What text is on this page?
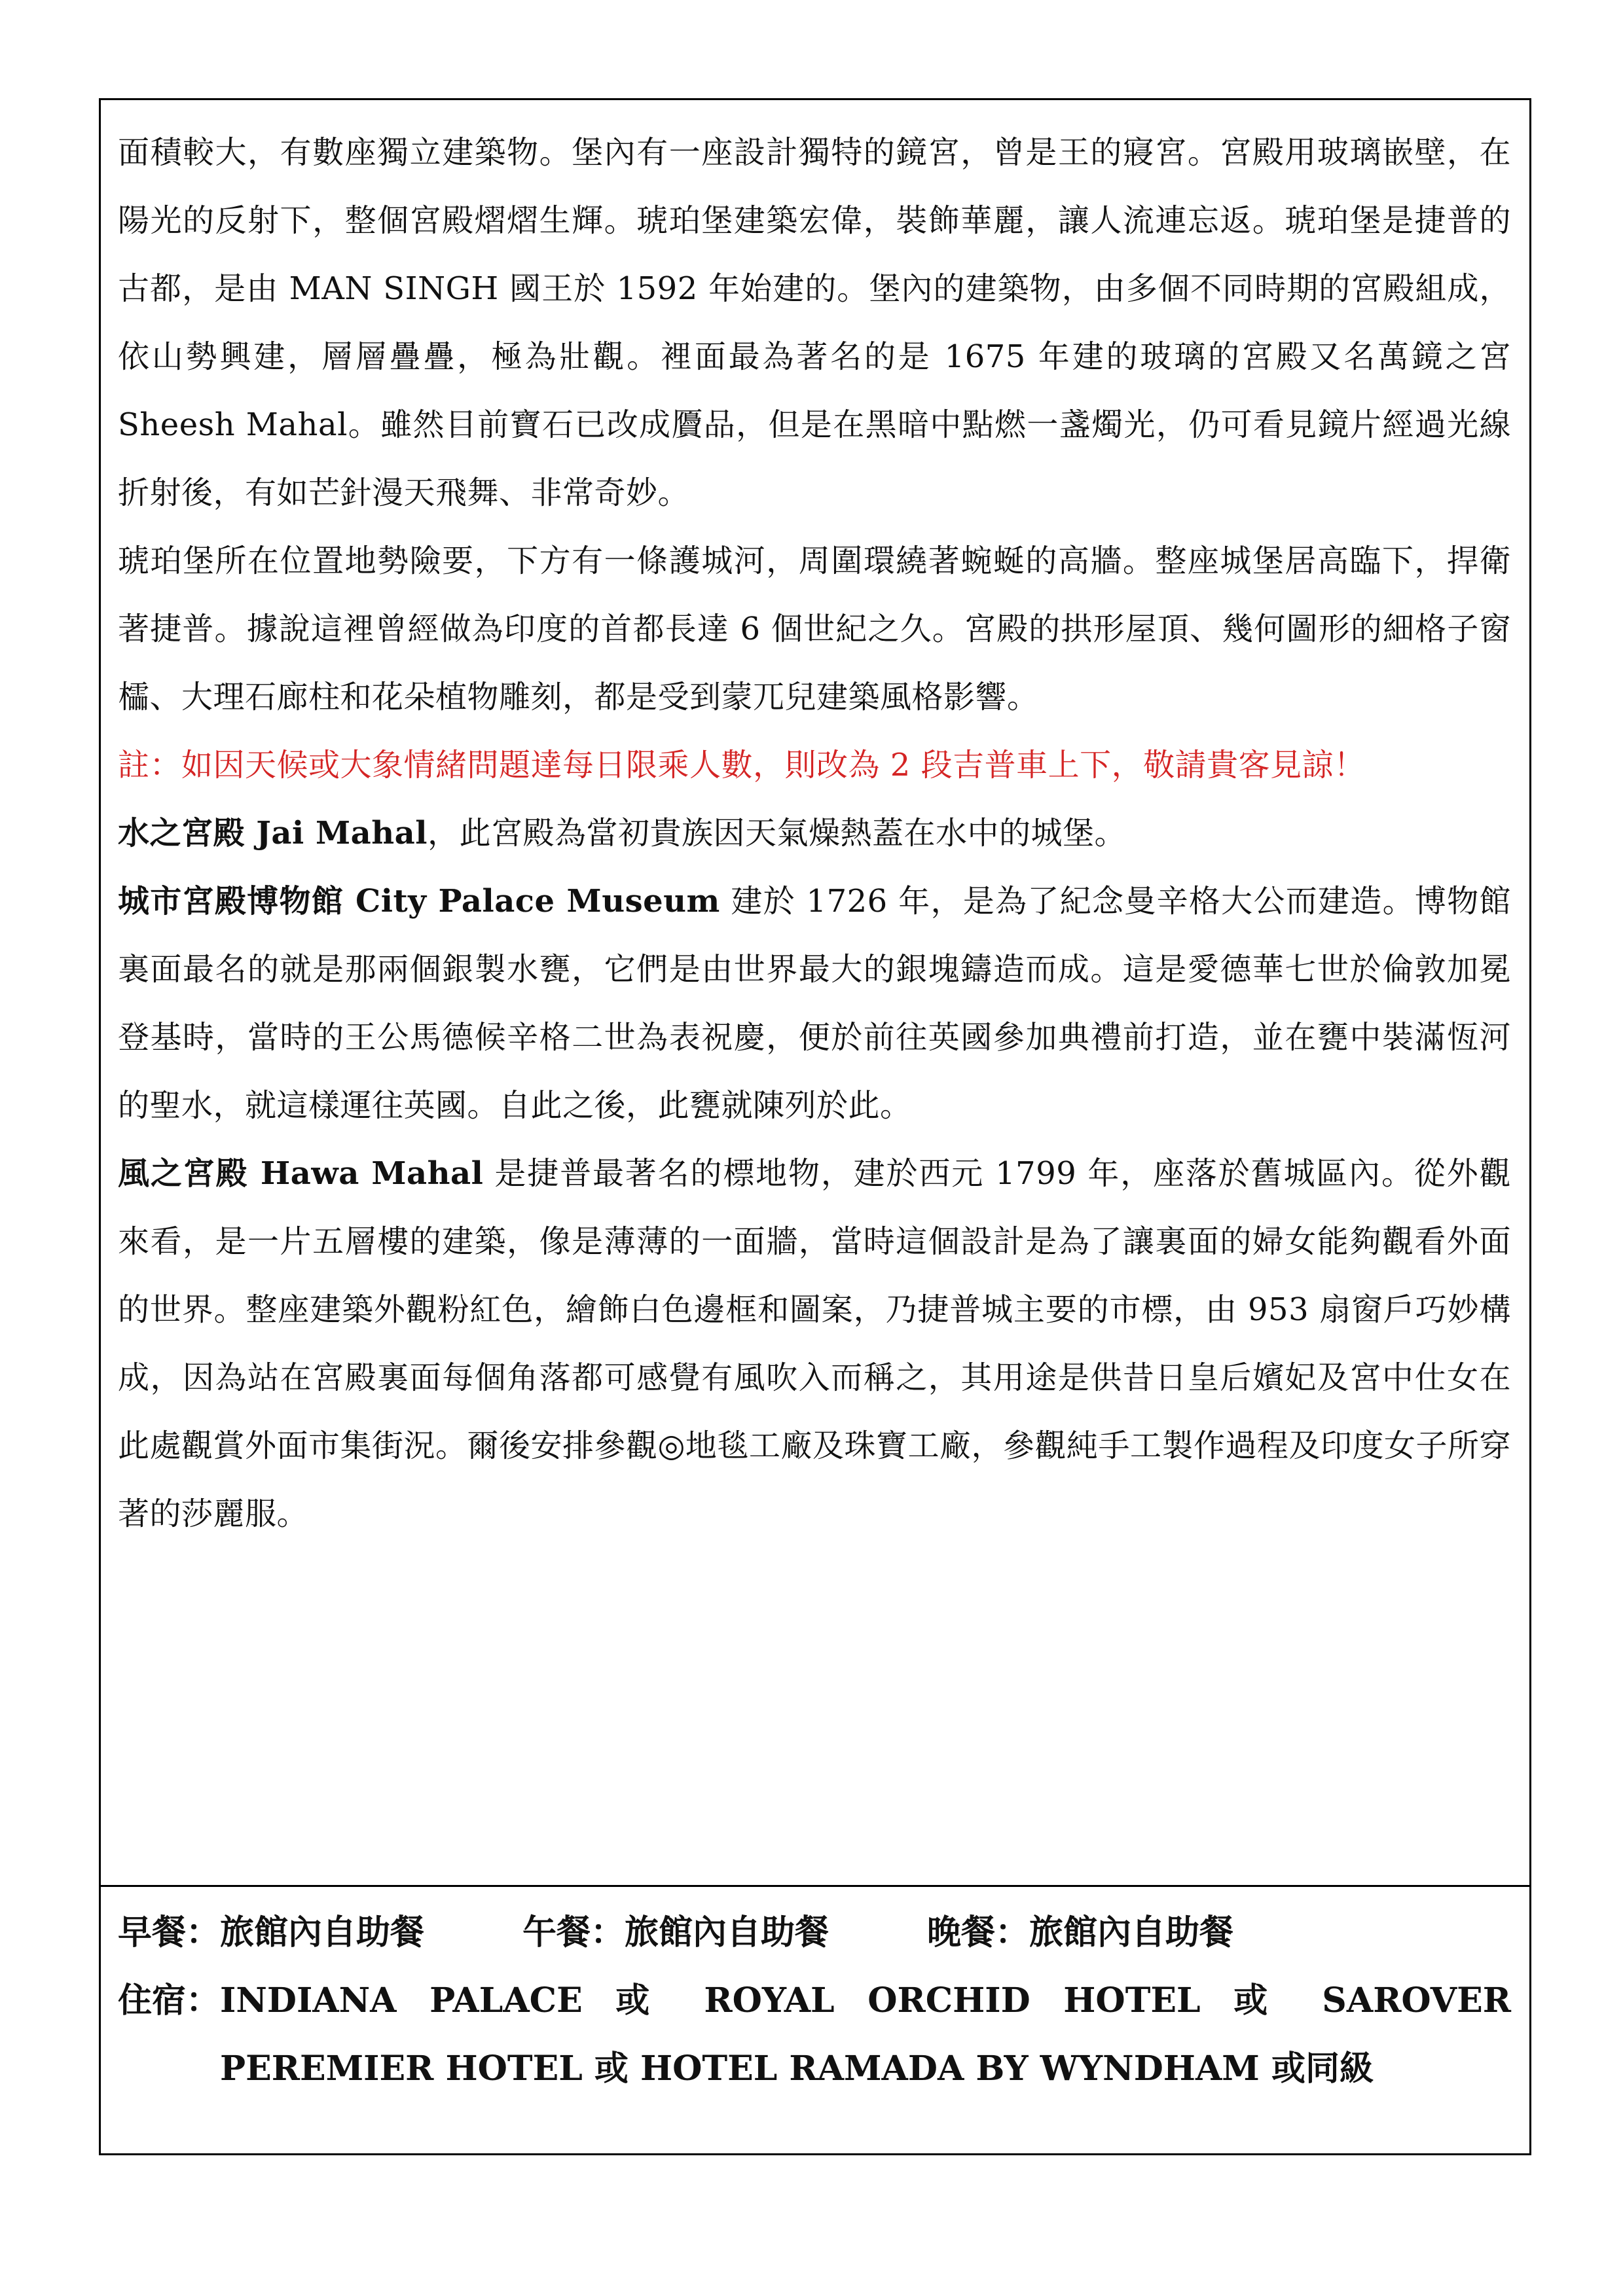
面積較大，有數座獨立建築物。堡內有一座設計獨特的鏡宮，曾是王的寢宮。宮殿用玻璃嵌壁，在陽光的反射下，整個宮殿熠熠生輝。琥珀堡建築宏偉，裝飾華麗，讓人流連忘返。琥珀堡是捷普的古都，是由 MAN SINGH 國王於 1592 年始建的。堡內的建築物，由多個不同時期的宮殿組成，依山勢興建，層層疊疊，極為壯觀。裡面最為著名的是 1675 年建的玻璃的宮殿又名萬鏡之宮 Sheesh Mahal。雖然目前寶石已改成贗品，但是在黑暗中點燃一盞燭光，仍可看見鏡片經過光線折射後，有如芒針漫天飛舞、非常奇妙。

琥珀堡所在位置地勢險要，下方有一條護城河，周圍環繞著蜿蜒的高牆。整座城堡居高臨下，捍衛著捷普。據說這裡曾經做為印度的首都長達 6 個世紀之久。宮殿的拱形屋頂、幾何圖形的細格子窗櫺、大理石廊柱和花朵植物雕刻，都是受到蒙兀兒建築風格影響。

註： 如因天候或大象情緒問題達每日限乘人數，則改為 2 段吉普車上下，敬請貴客見諒！

水之宮殿 Jai Mahal，此宮殿為當初貴族因天氣燥熱蓋在水中的城堡。

城市宮殿博物館 City Palace Museum 建於 1726 年，是為了紀念曼辛格大公而建造。博物館裏面最名的就是那兩個銀製水甕，它們是由世界最大的銀塊鑄造而成。這是愛德華七世於倫敦加冕登基時，當時的王公馬德候辛格二世為表祝慶，便於前往英國參加典禮前打造，並在甕中裝滿恆河的聖水，就這樣運往英國。自此之後，此甕就陳列於此。

風之宮殿 Hawa Mahal 是捷普最著名的標地物，建於西元 1799 年，座落於舊城區內。從外觀來看，是一片五層樓的建築，像是薄薄的一面牆，當時這個設計是為了讓裏面的婦女能夠觀看外面的世界。整座建築外觀粉紅色，繪飾白色邊框和圖案，乃捷普城主要的市標，由 953 扇窗戶巧妙構成，因為站在宮殿裏面每個角落都可感覺有風吹入而稱之，其用途是供昔日皇后嬪妃及宮中仕女在此處觀賞外面市集街況。爾後安排參觀◎地毯工廠及珠寶工廠，參觀純手工製作過程及印度女子所穿著的莎麗服。

早餐：旅館內自助餐	午餐：旅館內自助餐	晚餐：旅館內自助餐
住宿： INDIANA PALACE 或 ROYAL ORCHID HOTEL 或 SAROVER PEREMIER HOTEL 或 HOTEL RAMADA BY WYNDHAM 或同級
